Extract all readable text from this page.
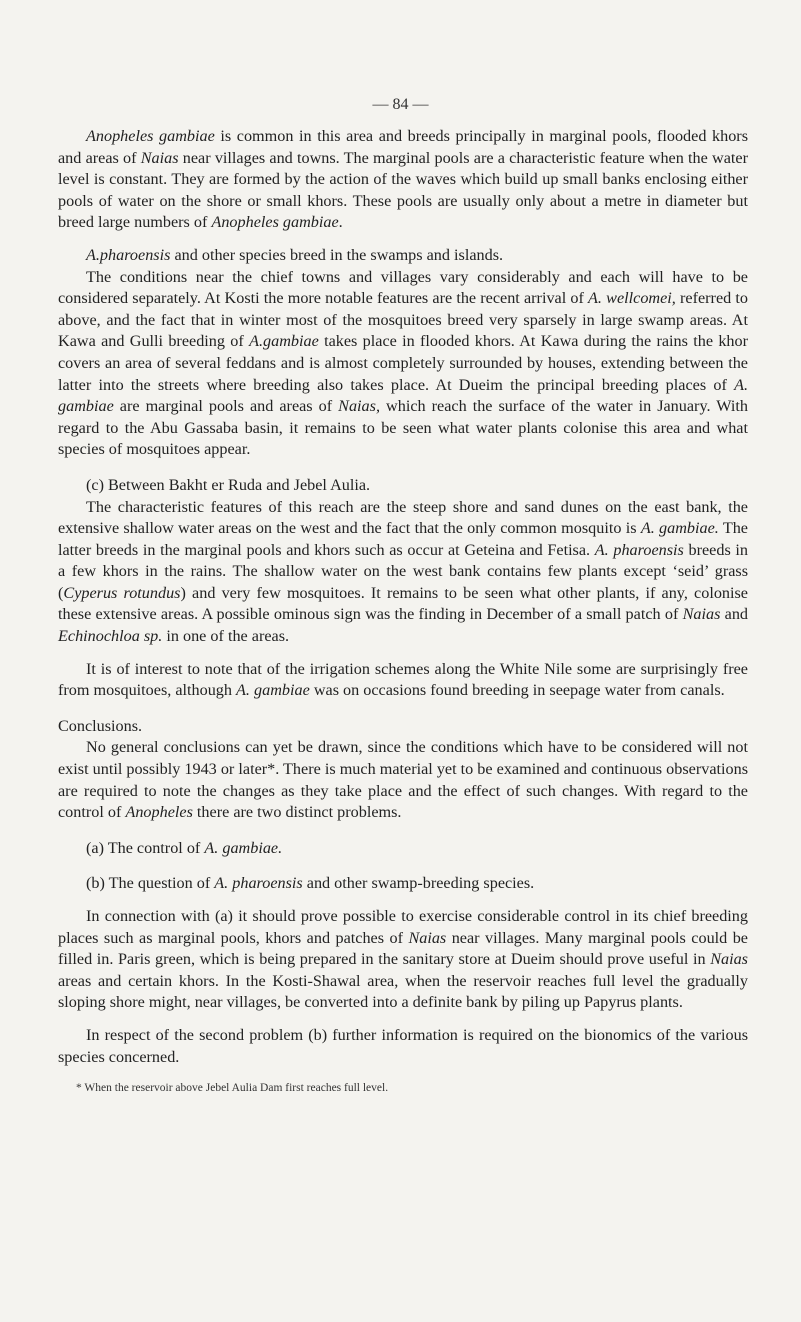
— 84 —

Anopheles gambiae is common in this area and breeds principally in marginal pools, flooded khors and areas of Naias near villages and towns. The marginal pools are a characteristic feature when the water level is constant. They are formed by the action of the waves which build up small banks enclosing either pools of water on the shore or small khors. These pools are usually only about a metre in diameter but breed large numbers of Anopheles gambiae.

A.pharoensis and other species breed in the swamps and islands.

The conditions near the chief towns and villages vary considerably and each will have to be considered separately. At Kosti the more notable features are the recent arrival of A. wellcomei, referred to above, and the fact that in winter most of the mosquitoes breed very sparsely in large swamp areas. At Kawa and Gulli breeding of A.gambiae takes place in flooded khors. At Kawa during the rains the khor covers an area of several feddans and is almost completely surrounded by houses, extending between the latter into the streets where breeding also takes place. At Dueim the principal breeding places of A. gambiae are marginal pools and areas of Naias, which reach the surface of the water in January. With regard to the Abu Gassaba basin, it remains to be seen what water plants colonise this area and what species of mosquitoes appear.

(c) Between Bakht er Ruda and Jebel Aulia.

The characteristic features of this reach are the steep shore and sand dunes on the east bank, the extensive shallow water areas on the west and the fact that the only common mosquito is A. gambiae. The latter breeds in the marginal pools and khors such as occur at Geteina and Fetisa. A. pharoensis breeds in a few khors in the rains. The shallow water on the west bank contains few plants except ‘seid’ grass (Cyperus rotundus) and very few mosquitoes. It remains to be seen what other plants, if any, colonise these extensive areas. A possible ominous sign was the finding in December of a small patch of Naias and Echinochloa sp. in one of the areas.

It is of interest to note that of the irrigation schemes along the White Nile some are surprisingly free from mosquitoes, although A. gambiae was on occasions found breeding in seepage water from canals.

Conclusions.

No general conclusions can yet be drawn, since the conditions which have to be considered will not exist until possibly 1943 or later*. There is much material yet to be examined and continuous observations are required to note the changes as they take place and the effect of such changes. With regard to the control of Anopheles there are two distinct problems.

(a) The control of A. gambiae.

(b) The question of A. pharoensis and other swamp-breeding species.

In connection with (a) it should prove possible to exercise considerable control in its chief breeding places such as marginal pools, khors and patches of Naias near villages. Many marginal pools could be filled in. Paris green, which is being prepared in the sanitary store at Dueim should prove useful in Naias areas and certain khors. In the Kosti-Shawal area, when the reservoir reaches full level the gradually sloping shore might, near villages, be converted into a definite bank by piling up Papyrus plants.

In respect of the second problem (b) further information is required on the bionomics of the various species concerned.

* When the reservoir above Jebel Aulia Dam first reaches full level.
